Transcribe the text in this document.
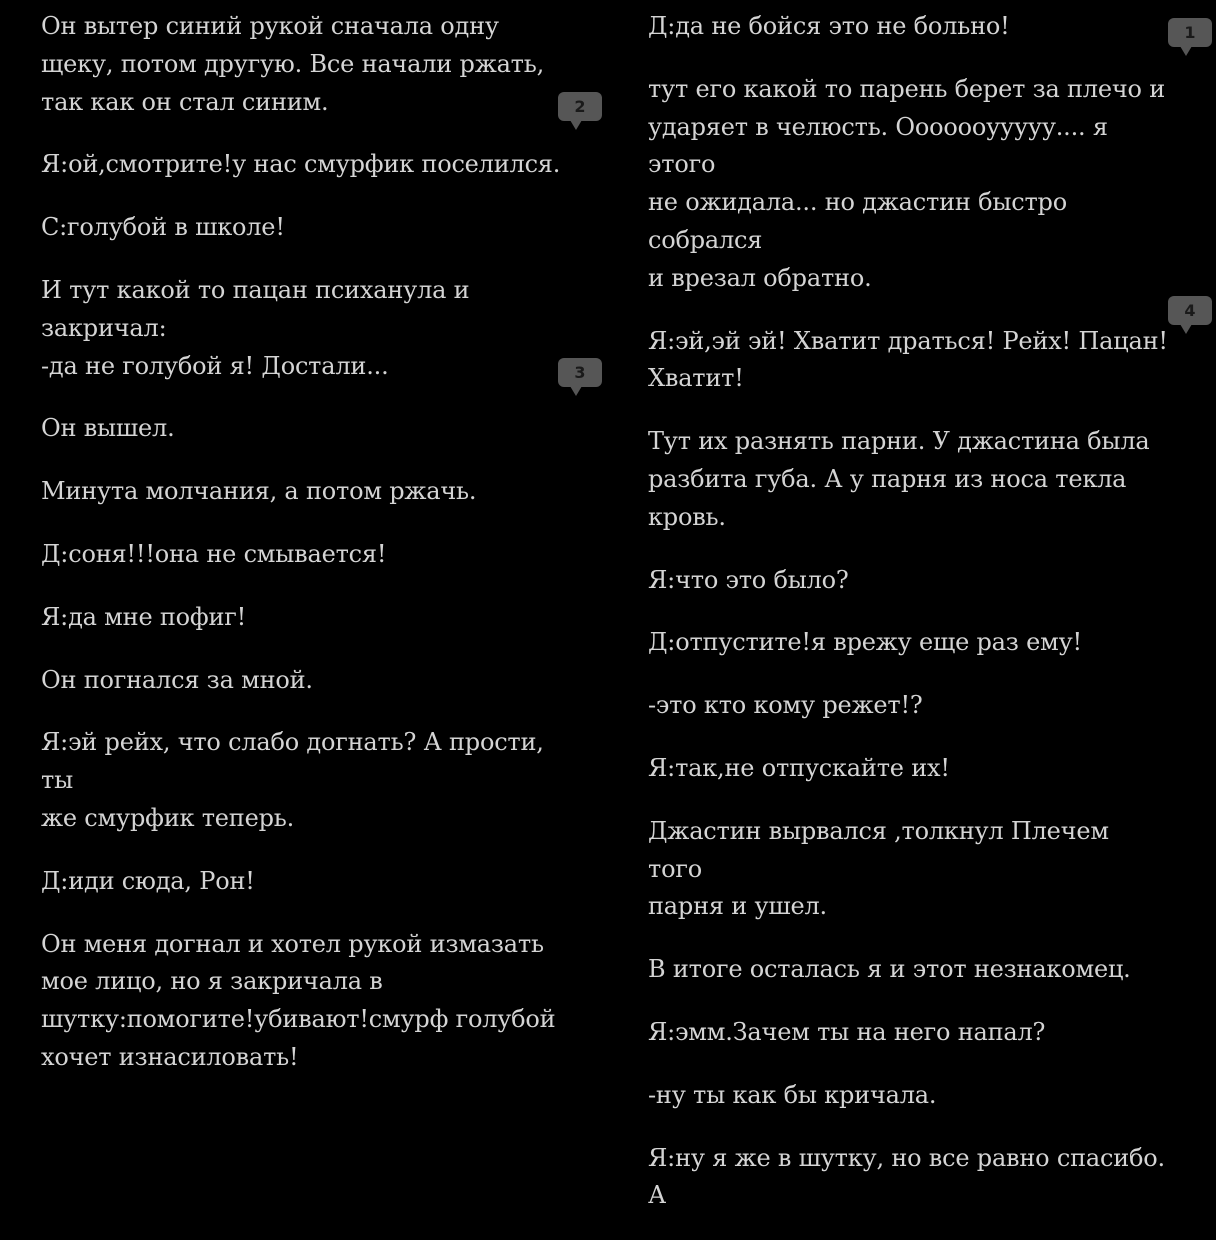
Он вытер синий рукой сначала одну
щеку, потом другую. Все начали ржать,
так как он стал синим.

Я:ой,смотрите!у нас смурфик поселился.

С:голубой в школе!

И тут какой то пацан психанула и
закричал:
-да не голубой я! Достали...

Он вышел.

Минута молчания, а потом ржачь.

Д:соня!!!она не смывается!

Я:да мне пофиг!

Он погнался за мной.

Я:эй рейх, что слабо догнать? А прости, ты
же смурфик теперь.

Д:иди сюда, Рон!

Он меня догнал и хотел рукой измазать
мое лицо, но я закричала в
шутку:помогите!убивают!смурф голубой
хочет изнасиловать!

Д:да не бойся это не больно!

тут его какой то парень берет за плечо и
ударяет в челюсть. Ооооооууууу.... я этого
не ожидала... но джастин быстро собрался
и врезал обратно.

Я:эй,эй эй! Хватит драться! Рейх! Пацан!
Хватит!

Тут их разнять парни. У джастина была
разбита губа. А у парня из носа текла
кровь.

Я:что это было?

Д:отпустите!я врежу еще раз ему!

-это кто кому режет!?

Я:так,не отпускайте их!

Джастин вырвался ,толкнул Плечем того
парня и ушел.

В итоге осталась я и этот незнакомец.

Я:эмм.Зачем ты на него напал?

-ну ты как бы кричала.

Я:ну я же в шутку, но все равно спасибо. А

1
2
3
4
